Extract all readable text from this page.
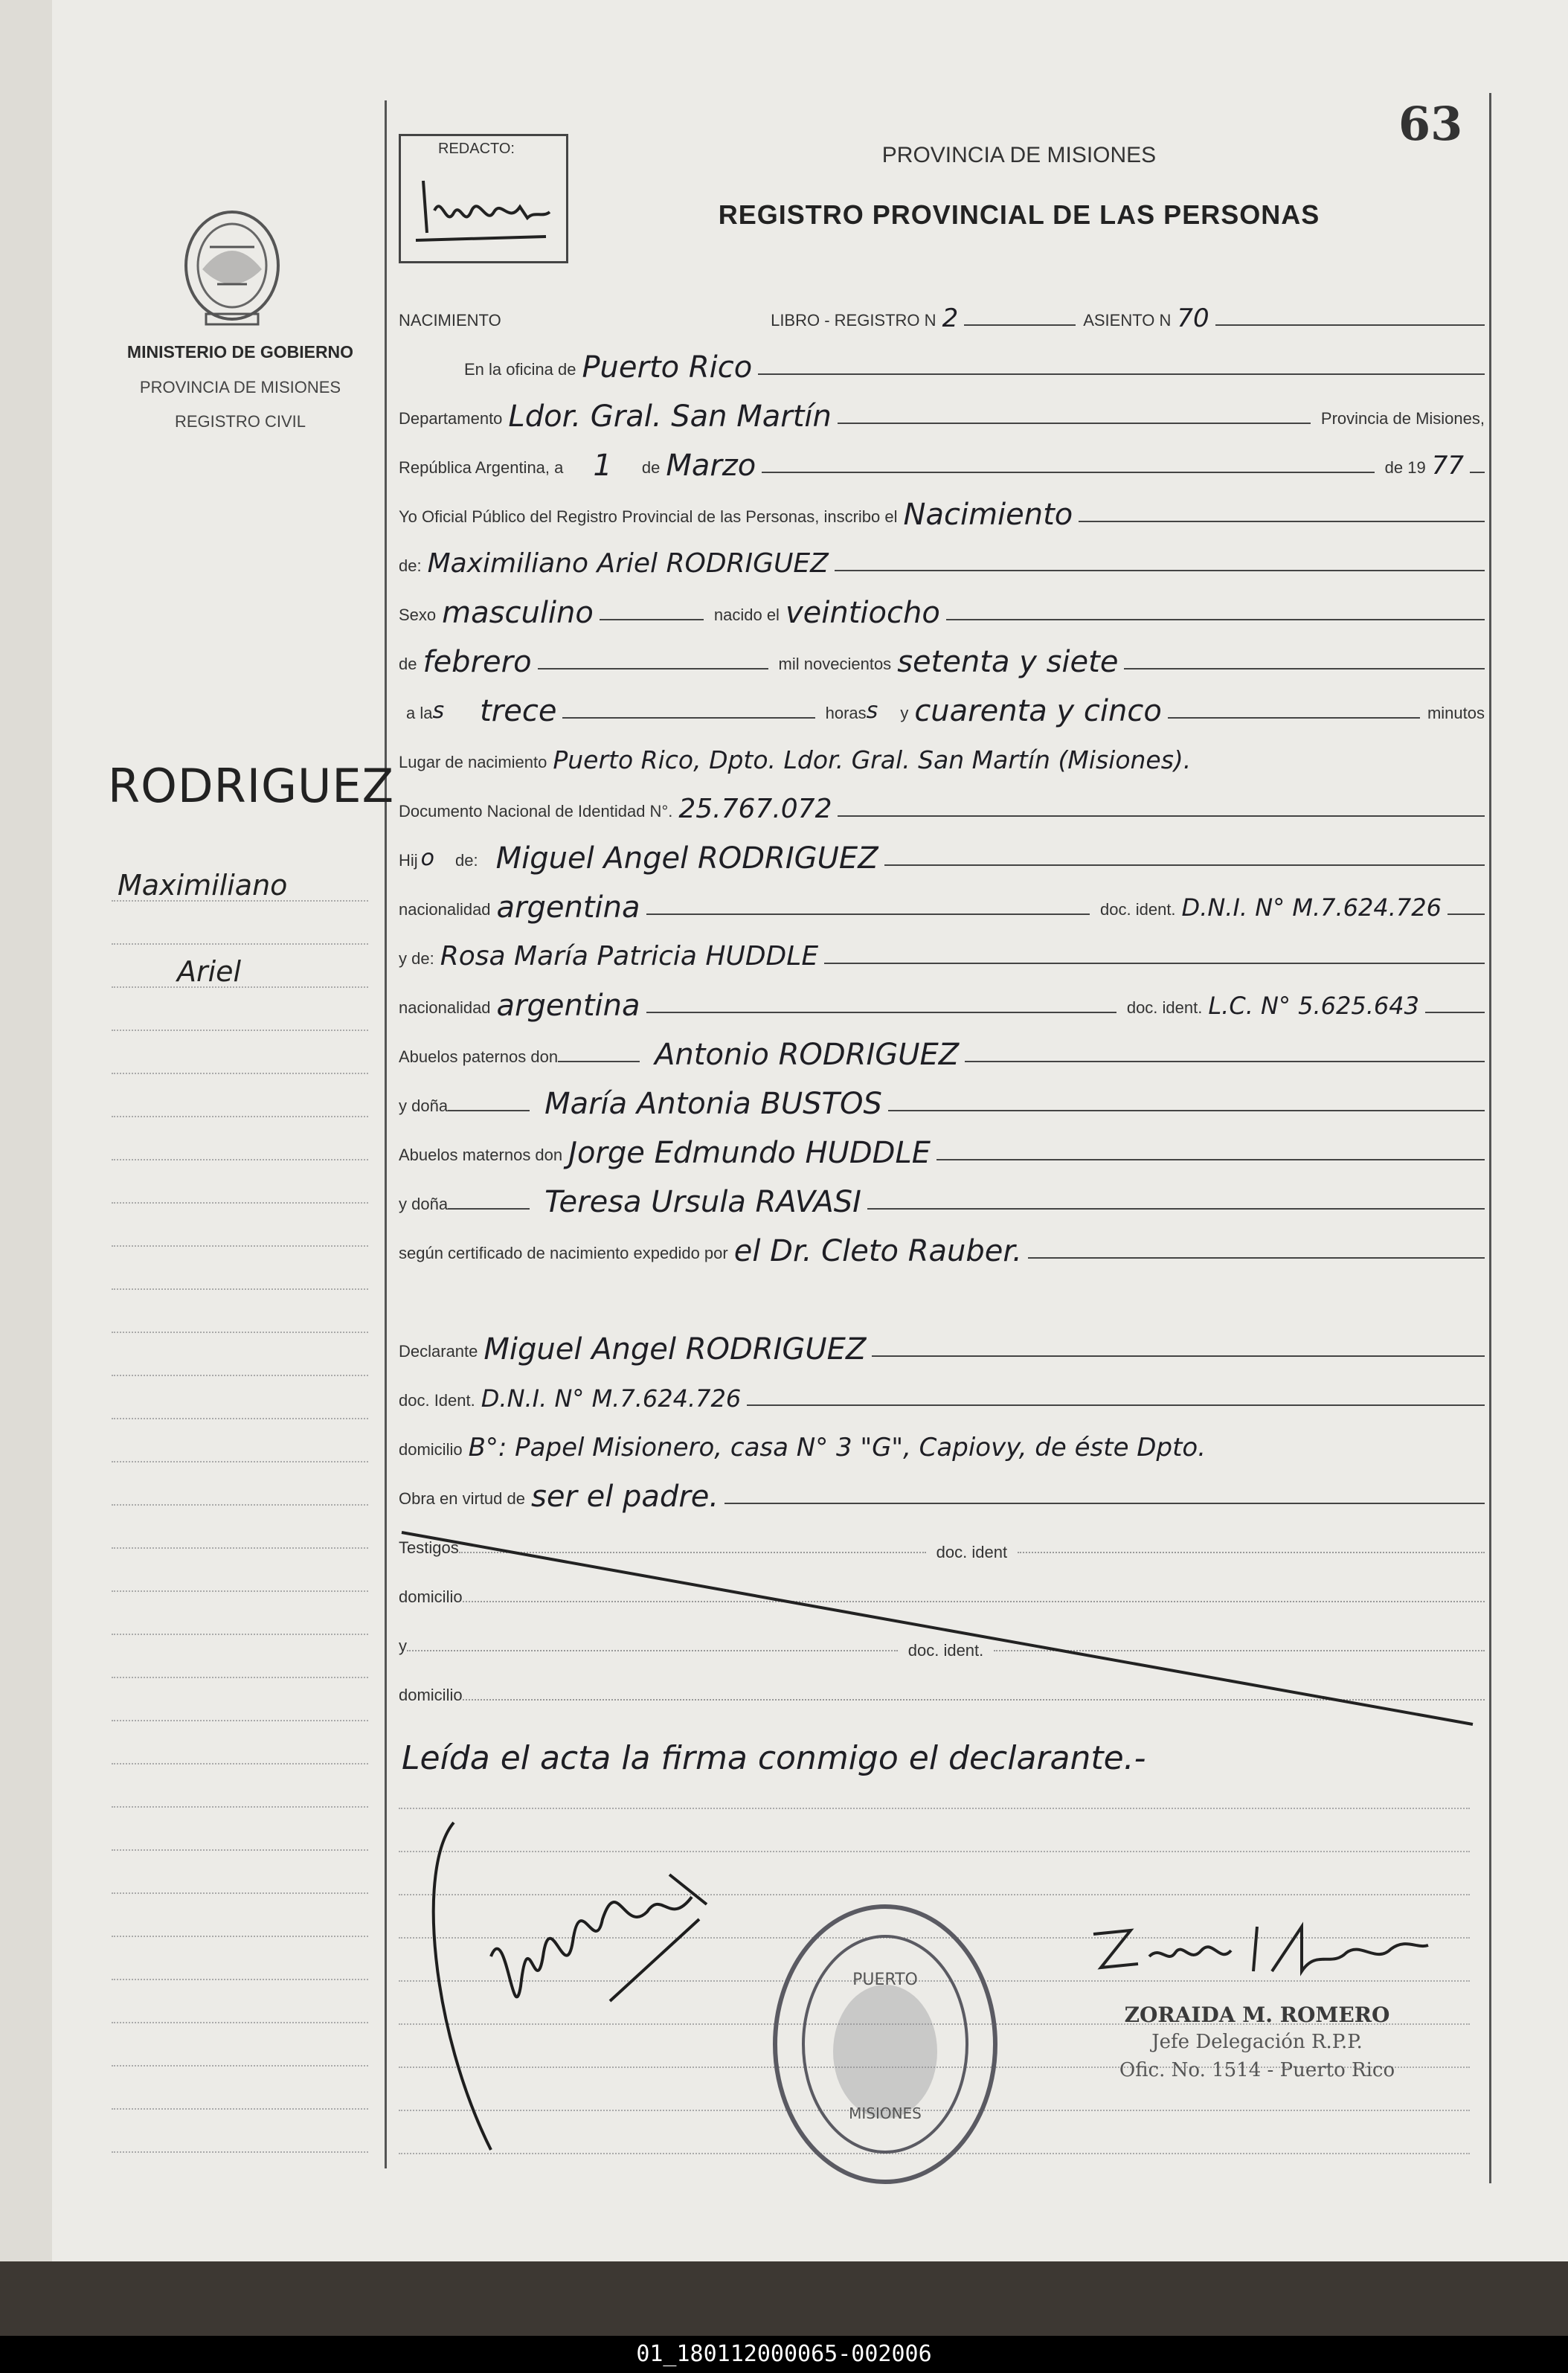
01_180112000065-002006
63
REDACTO:
MINISTERIO DE GOBIERNO
PROVINCIA DE MISIONES
REGISTRO CIVIL
PROVINCIA DE MISIONES
REGISTRO PROVINCIAL DE LAS PERSONAS
RODRIGUEZ
Maximiliano
Ariel
NACIMIENTO	LIBRO - REGISTRO N 2	ASIENTO N 70
En la oficina de Puerto Rico
Departamento Ldor. Gral. San Martín	Provincia de Misiones,
República Argentina, a 1 de Marzo	de 19 77
Yo Oficial Público del Registro Provincial de las Personas, inscribo el Nacimiento
de: Maximiliano Ariel RODRIGUEZ
Sexo masculino	nacido el veintiocho
de febrero	mil novecientos setenta y siete
a la s trece	horas s y cuarenta y cinco	minutos
Lugar de nacimiento Puerto Rico, Dpto. Ldor. Gral. San Martín (Misiones).
Documento Nacional de Identidad N°. 25.767.072
Hij o de: Miguel Angel RODRIGUEZ
nacionalidad argentina	doc. ident. D.N.I. N° M.7.624.726
y de: Rosa María Patricia HUDDLE
nacionalidad argentina	doc. ident. L.C. N° 5.625.643
Abuelos paternos don	Antonio RODRIGUEZ
y doña	María Antonia BUSTOS
Abuelos maternos don Jorge Edmundo HUDDLE
y doña	Teresa Ursula RAVASI
según certificado de nacimiento expedido por el Dr. Cleto Rauber.
Declarante Miguel Angel RODRIGUEZ
doc. Ident. D.N.I. N° M.7.624.726
domicilio B°: Papel Misionero, casa N° 3 "G", Capiovy, de éste Dpto.
Obra en virtud de ser el padre.
Testigos	doc. ident
domicilio
y	doc. ident.
domicilio
Leída el acta la firma conmigo el declarante.-
PUERTO
MISIONES
ZORAIDA M. ROMERO
Jefe Delegación R.P.P.
Ofic. No. 1514 - Puerto Rico
